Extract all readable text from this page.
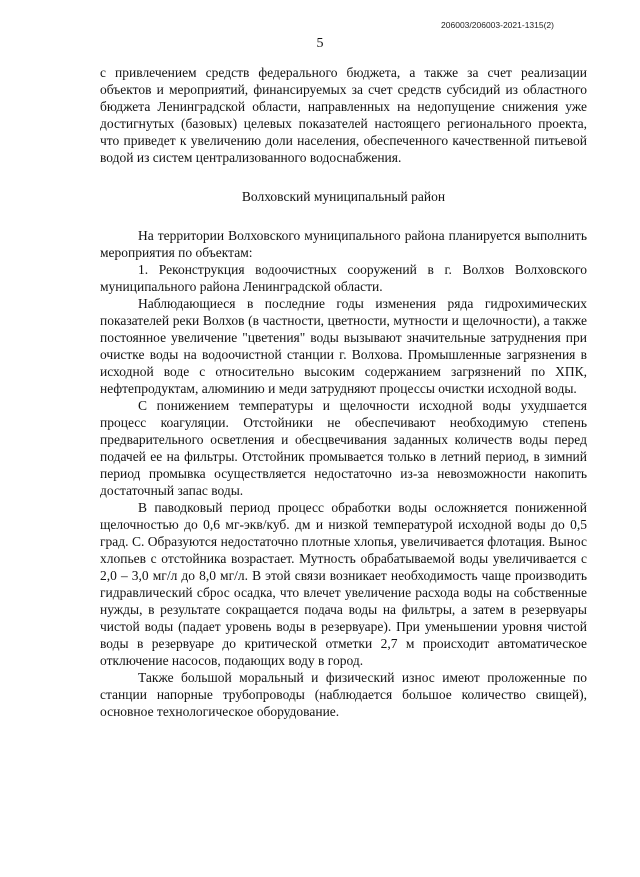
206003/206003-2021-1315(2)
5

с привлечением средств федерального бюджета, а также за счет реализации объектов и мероприятий, финансируемых за счет средств субсидий из областного бюджета Ленинградской области, направленных на недопущение снижения уже достигнутых (базовых) целевых показателей настоящего регионального проекта, что приведет к увеличению доли населения, обеспеченного качественной питьевой водой из систем централизованного водоснабжения.

Волховский муниципальный район

На территории Волховского муниципального района планируется выполнить мероприятия по объектам:

1. Реконструкция водоочистных сооружений в г. Волхов Волховского муниципального района Ленинградской области.

Наблюдающиеся в последние годы изменения ряда гидрохимических показателей реки Волхов (в частности, цветности, мутности и щелочности), а также постоянное увеличение "цветения" воды вызывают значительные затруднения при очистке воды на водоочистной станции г. Волхова. Промышленные загрязнения в исходной воде с относительно высоким содержанием загрязнений по ХПК, нефтепродуктам, алюминию и меди затрудняют процессы очистки исходной воды.

С понижением температуры и щелочности исходной воды ухудшается процесс коагуляции. Отстойники не обеспечивают необходимую степень предварительного осветления и обесцвечивания заданных количеств воды перед подачей ее на фильтры. Отстойник промывается только в летний период, в зимний период промывка осуществляется недостаточно из-за невозможности накопить достаточный запас воды.

В паводковый период процесс обработки воды осложняется пониженной щелочностью до 0,6 мг-экв/куб. дм и низкой температурой исходной воды до 0,5 град. С. Образуются недостаточно плотные хлопья, увеличивается флотация. Вынос хлопьев с отстойника возрастает. Мутность обрабатываемой воды увеличивается с 2,0 – 3,0 мг/л до 8,0 мг/л. В этой связи возникает необходимость чаще производить гидравлический сброс осадка, что влечет увеличение расхода воды на собственные нужды, в результате сокращается подача воды на фильтры, а затем в резервуары чистой воды (падает уровень воды в резервуаре). При уменьшении уровня чистой воды в резервуаре до критической отметки 2,7 м происходит автоматическое отключение насосов, подающих воду в город.

Также большой моральный и физический износ имеют проложенные по станции напорные трубопроводы (наблюдается большое количество свищей), основное технологическое оборудование.
